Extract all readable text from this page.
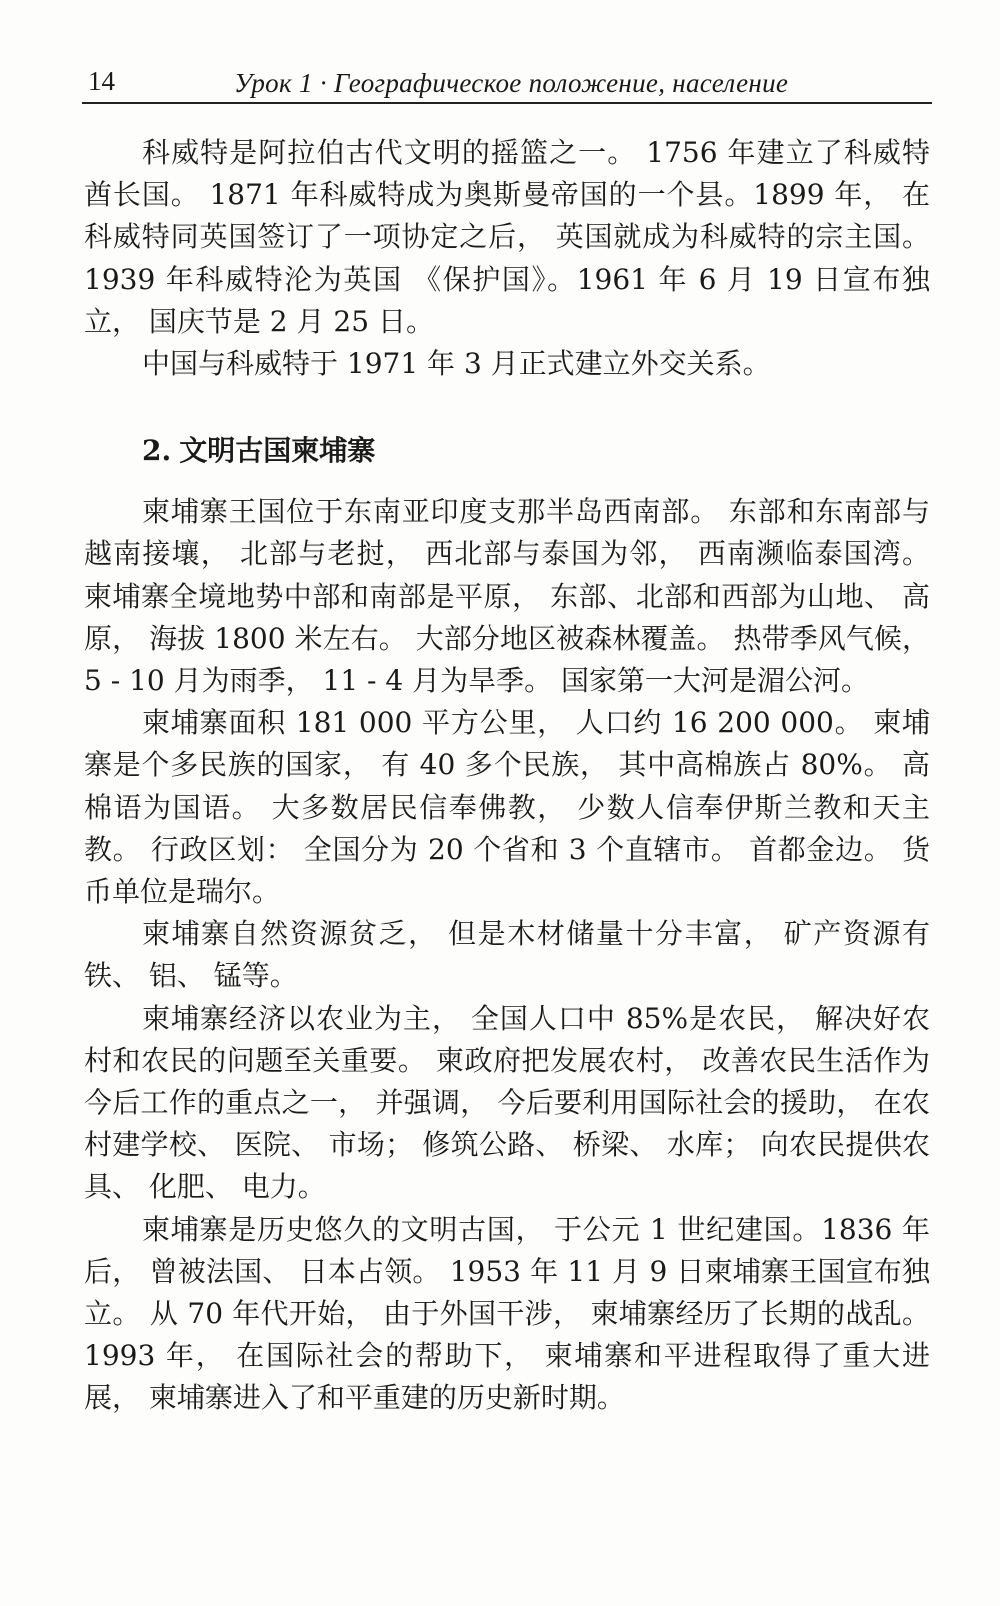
14	Урок 1 · Географическое положение, население

科威特是阿拉伯古代文明的摇篮之一。 1756 年建立了科威特酋长国。 1871 年科威特成为奥斯曼帝国的一个县。1899 年， 在科威特同英国签订了一项协定之后， 英国就成为科威特的宗主国。 1939 年科威特沦为英国 《保护国》。1961 年 6 月 19 日宣布独立， 国庆节是 2 月 25 日。

中国与科威特于 1971 年 3 月正式建立外交关系。

2. 文明古国柬埔寨

柬埔寨王国位于东南亚印度支那半岛西南部。 东部和东南部与越南接壤， 北部与老挝， 西北部与泰国为邻， 西南濒临泰国湾。 柬埔寨全境地势中部和南部是平原， 东部、北部和西部为山地、 高原， 海拔 1800 米左右。 大部分地区被森林覆盖。 热带季风气候， 5 - 10 月为雨季， 11 - 4 月为旱季。 国家第一大河是湄公河。

柬埔寨面积 181 000 平方公里， 人口约 16 200 000。 柬埔寨是个多民族的国家， 有 40 多个民族， 其中高棉族占 80%。 高棉语为国语。 大多数居民信奉佛教， 少数人信奉伊斯兰教和天主教。 行政区划： 全国分为 20 个省和 3 个直辖市。 首都金边。 货币单位是瑞尔。

柬埔寨自然资源贫乏， 但是木材储量十分丰富， 矿产资源有铁、 铝、 锰等。

柬埔寨经济以农业为主， 全国人口中 85%是农民， 解决好农村和农民的问题至关重要。 柬政府把发展农村， 改善农民生活作为今后工作的重点之一， 并强调， 今后要利用国际社会的援助， 在农村建学校、 医院、 市场； 修筑公路、 桥梁、 水库； 向农民提供农具、 化肥、 电力。

柬埔寨是历史悠久的文明古国， 于公元 1 世纪建国。1836 年后， 曾被法国、 日本占领。 1953 年 11 月 9 日柬埔寨王国宣布独立。 从 70 年代开始， 由于外国干涉， 柬埔寨经历了长期的战乱。 1993 年， 在国际社会的帮助下， 柬埔寨和平进程取得了重大进展， 柬埔寨进入了和平重建的历史新时期。
